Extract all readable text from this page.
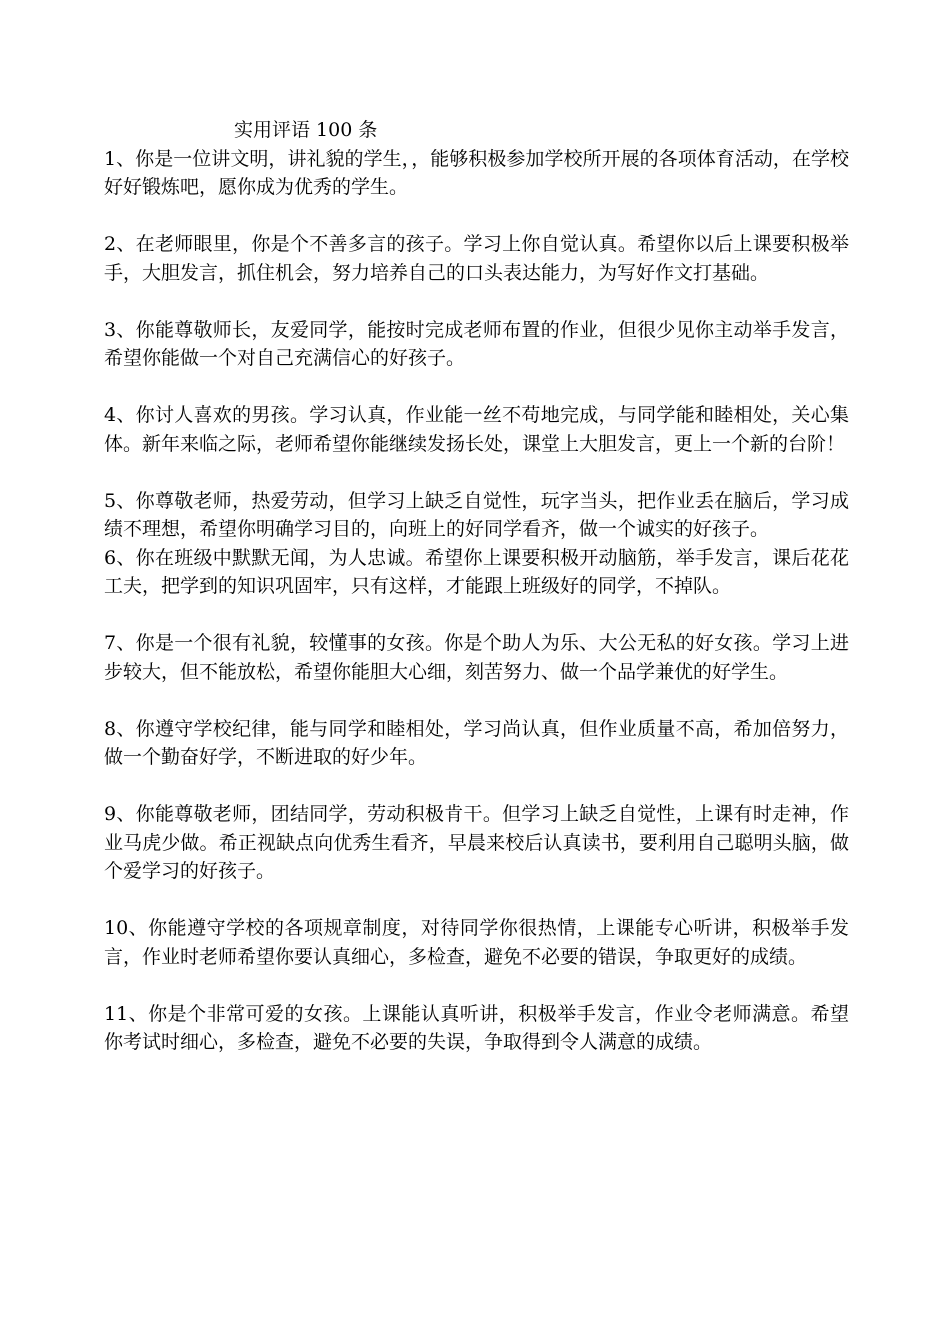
实用评语 100 条

1、你是一位讲文明，讲礼貌的学生，，能够积极参加学校所开展的各项体育活动，在学校好好锻炼吧，愿你成为优秀的学生。

2、在老师眼里，你是个不善多言的孩子。学习上你自觉认真。希望你以后上课要积极举手，大胆发言，抓住机会，努力培养自己的口头表达能力，为写好作文打基础。

3、你能尊敬师长，友爱同学，能按时完成老师布置的作业，但很少见你主动举手发言，希望你能做一个对自己充满信心的好孩子。

4、你讨人喜欢的男孩。学习认真，作业能一丝不苟地完成，与同学能和睦相处，关心集体。新年来临之际，老师希望你能继续发扬长处，课堂上大胆发言，更上一个新的台阶！

5、你尊敬老师，热爱劳动，但学习上缺乏自觉性，玩字当头，把作业丢在脑后，学习成绩不理想，希望你明确学习目的，向班上的好同学看齐，做一个诚实的好孩子。

6、你在班级中默默无闻，为人忠诚。希望你上课要积极开动脑筋，举手发言，课后花花工夫，把学到的知识巩固牢，只有这样，才能跟上班级好的同学，不掉队。

7、你是一个很有礼貌，较懂事的女孩。你是个助人为乐、大公无私的好女孩。学习上进步较大，但不能放松，希望你能胆大心细，刻苦努力、做一个品学兼优的好学生。

8、你遵守学校纪律，能与同学和睦相处，学习尚认真，但作业质量不高，希加倍努力，做一个勤奋好学，不断进取的好少年。

9、你能尊敬老师，团结同学，劳动积极肯干。但学习上缺乏自觉性，上课有时走神，作业马虎少做。希正视缺点向优秀生看齐，早晨来校后认真读书，要利用自己聪明头脑，做个爱学习的好孩子。

10、你能遵守学校的各项规章制度，对待同学你很热情，上课能专心听讲，积极举手发言，作业时老师希望你要认真细心，多检查，避免不必要的错误，争取更好的成绩。

11、你是个非常可爱的女孩。上课能认真听讲，积极举手发言，作业令老师满意。希望你考试时细心，多检查，避免不必要的失误，争取得到令人满意的成绩。
